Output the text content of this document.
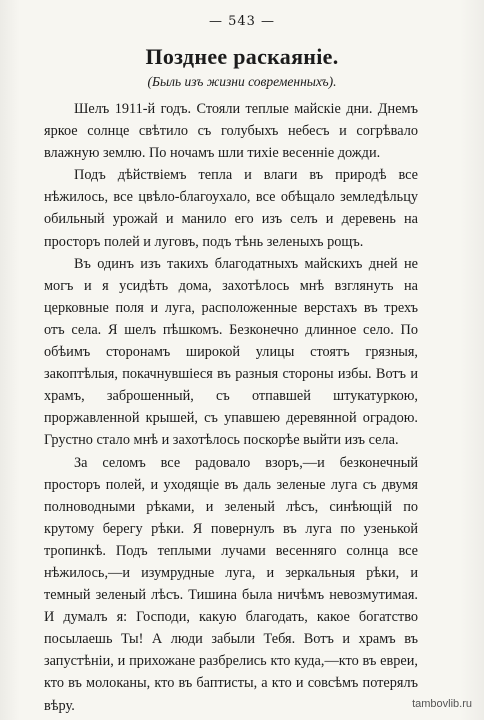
— 543 —
Позднее раскаяніе.
(Быль изъ жизни современныхъ).

Шелъ 1911-й годъ. Стояли теплые майскіе дни. Днемъ яркое солнце свѣтило съ голубыхъ небесъ и согрѣвало влажную землю. По ночамъ шли тихіе весенніе дожди.

Подъ дѣйствіемъ тепла и влаги въ природѣ все нѣжилось, все цвѣло-благоухало, все обѣщало земледѣльцу обильный урожай и манило его изъ селъ и деревень на просторъ полей и луговъ, подъ тѣнь зеленыхъ рощъ.

Въ одинъ изъ такихъ благодатныхъ майскихъ дней не могъ и я усидѣть дома, захотѣлось мнѣ взглянуть на церковные поля и луга, расположенные верстахъ въ трехъ отъ села. Я шелъ пѣшкомъ. Безконечно длинное село. По обѣимъ сторонамъ широкой улицы стоятъ грязныя, закоптѣлыя, покачнувшіеся въ разныя стороны избы. Вотъ и храмъ, заброшенный, съ отпавшей штукатуркою, проржавленной крышей, съ упавшею деревянной оградою. Грустно стало мнѣ и захотѣлось поскорѣе выйти изъ села.

За селомъ все радовало взоръ,—и безконечный просторъ полей, и уходящіе въ даль зеленые луга съ двумя полноводными рѣками, и зеленый лѣсъ, синѣющій по крутому берегу рѣки. Я повернулъ въ луга по узенькой тропинкѣ. Подъ теплыми лучами весенняго солнца все нѣжилось,—и изумрудные луга, и зеркальныя рѣки, и темный зеленый лѣсъ. Тишина была ничѣмъ невозмутимая. И думалъ я: Господи, какую благодать, какое богатство посылаешь Ты! А люди забыли Тебя. Вотъ и храмъ въ запустѣніи, и прихожане разбрелись кто куда,—кто въ евреи, кто въ молоканы, кто въ баптисты, а кто и совсѣмъ потерялъ вѣру.	tambovlib.ru
